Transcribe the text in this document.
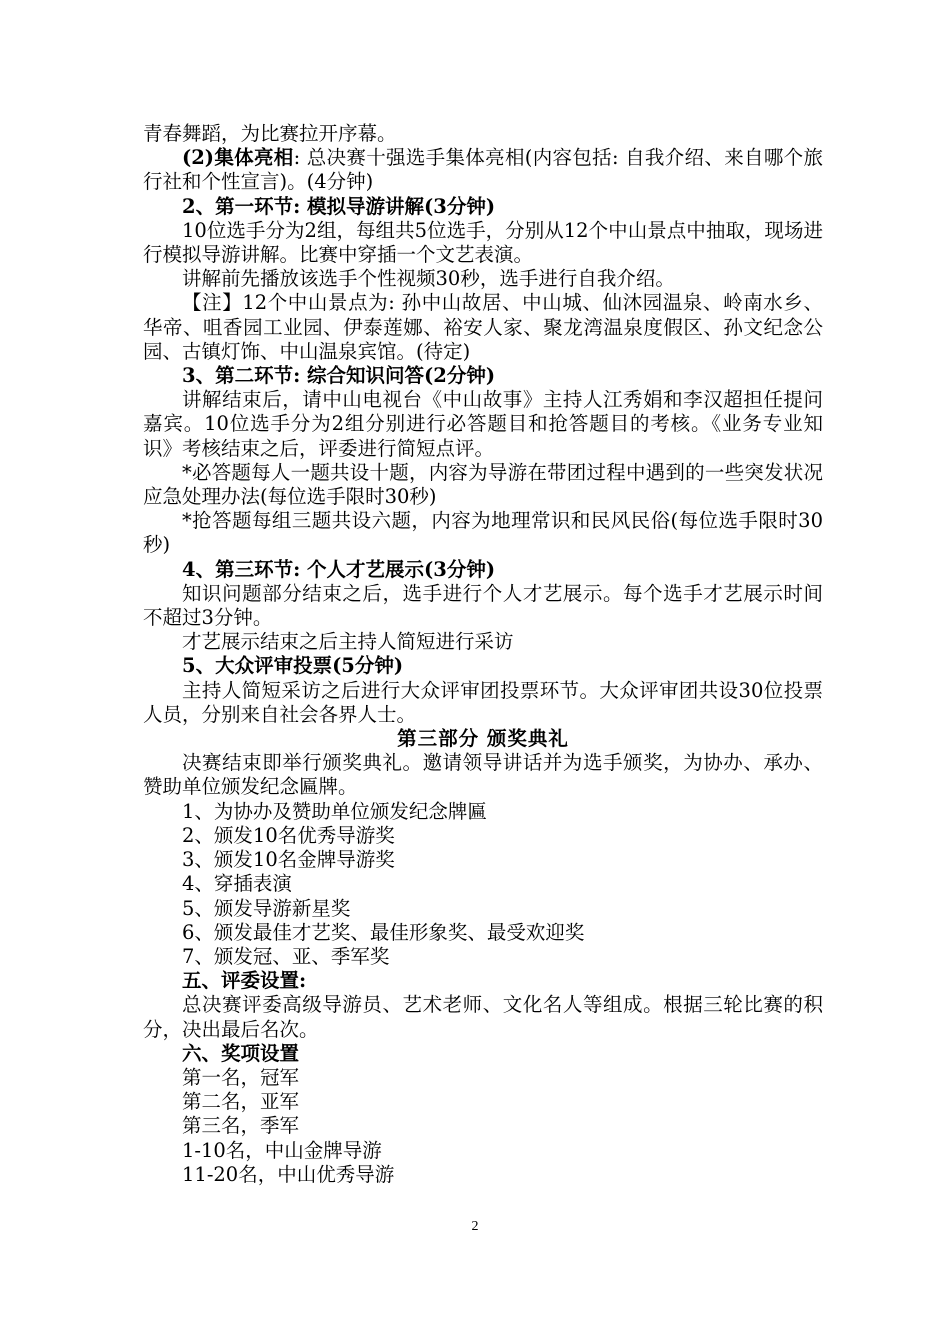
青春舞蹈，为比赛拉开序幕。

(2)集体亮相: 总决赛十强选手集体亮相(内容包括: 自我介绍、来自哪个旅行社和个性宣言)。(4分钟)

2、第一环节: 模拟导游讲解(3分钟)

10位选手分为2组，每组共5位选手，分别从12个中山景点中抽取，现场进行模拟导游讲解。比赛中穿插一个文艺表演。

讲解前先播放该选手个性视频30秒，选手进行自我介绍。

【注】12个中山景点为: 孙中山故居、中山城、仙沐园温泉、岭南水乡、华帝、咀香园工业园、伊泰莲娜、裕安人家、聚龙湾温泉度假区、孙文纪念公园、古镇灯饰、中山温泉宾馆。(待定)

3、第二环节: 综合知识问答(2分钟)

讲解结束后，请中山电视台《中山故事》主持人江秀娟和李汉超担任提问嘉宾。10位选手分为2组分别进行必答题目和抢答题目的考核。《业务专业知识》考核结束之后，评委进行简短点评。

*必答题每人一题共设十题，内容为导游在带团过程中遇到的一些突发状况应急处理办法(每位选手限时30秒)

*抢答题每组三题共设六题，内容为地理常识和民风民俗(每位选手限时30秒)

4、第三环节: 个人才艺展示(3分钟)

知识问题部分结束之后，选手进行个人才艺展示。每个选手才艺展示时间不超过3分钟。

才艺展示结束之后主持人简短进行采访

5、大众评审投票(5分钟)

主持人简短采访之后进行大众评审团投票环节。大众评审团共设30位投票人员，分别来自社会各界人士。

第三部分 颁奖典礼

决赛结束即举行颁奖典礼。邀请领导讲话并为选手颁奖，为协办、承办、赞助单位颁发纪念匾牌。

1、为协办及赞助单位颁发纪念牌匾

2、颁发10名优秀导游奖

3、颁发10名金牌导游奖

4、穿插表演

5、颁发导游新星奖

6、颁发最佳才艺奖、最佳形象奖、最受欢迎奖

7、颁发冠、亚、季军奖

五、评委设置:

总决赛评委高级导游员、艺术老师、文化名人等组成。根据三轮比赛的积分，决出最后名次。

六、奖项设置

第一名，冠军

第二名，亚军

第三名，季军

1-10名，中山金牌导游

11-20名，中山优秀导游

2
